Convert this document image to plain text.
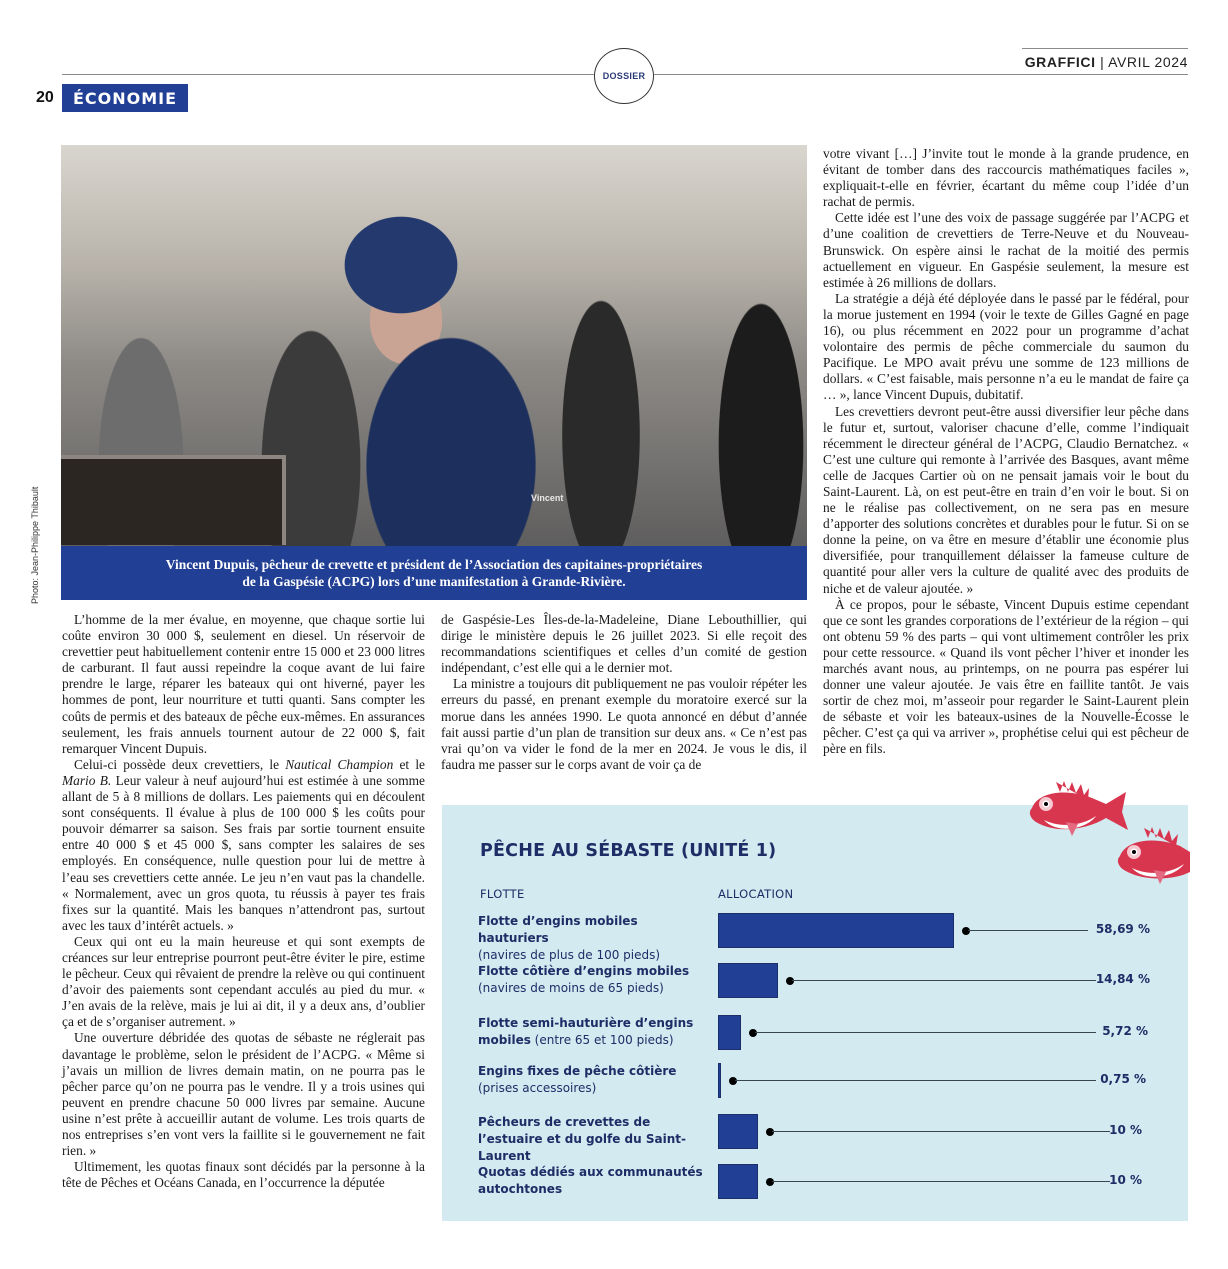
DOSSIER
GRAFFICI | AVRIL 2024
20	ÉCONOMIE
Vincent
Vincent Dupuis, pêcheur de crevette et président de l’Association des capitaines-propriétaires
de la Gaspésie (ACPG) lors d’une manifestation à Grande-Rivière.
Photo: Jean-Philippe Thibault

L’homme de la mer évalue, en moyenne, que chaque sortie lui coûte environ 30 000 $, seulement en diesel. Un réservoir de crevettier peut habituellement contenir entre 15 000 et 23 000 litres de carburant. Il faut aussi repeindre la coque avant de lui faire prendre le large, réparer les bateaux qui ont hiverné, payer les hommes de pont, leur nourriture et tutti quanti. Sans compter les coûts de permis et des bateaux de pêche eux-mêmes. En assurances seulement, les frais annuels tournent autour de 22 000 $, fait remarquer Vincent Dupuis.

Celui-ci possède deux crevettiers, le Nautical Champion et le Mario B. Leur valeur à neuf aujourd’hui est estimée à une somme allant de 5 à 8 millions de dollars. Les paiements qui en découlent sont conséquents. Il évalue à plus de 100 000 $ les coûts pour pouvoir démarrer sa saison. Ses frais par sortie tournent ensuite entre 40 000 $ et 45 000 $, sans compter les salaires de ses employés. En conséquence, nulle question pour lui de mettre à l’eau ses crevettiers cette année. Le jeu n’en vaut pas la chandelle. « Normalement, avec un gros quota, tu réussis à payer tes frais fixes sur la quantité. Mais les banques n’attendront pas, surtout avec les taux d’intérêt actuels. »

Ceux qui ont eu la main heureuse et qui sont exempts de créances sur leur entreprise pourront peut-être éviter le pire, estime le pêcheur. Ceux qui rêvaient de prendre la relève ou qui continuent d’avoir des paiements sont cependant acculés au pied du mur. « J’en avais de la relève, mais je lui ai dit, il y a deux ans, d’oublier ça et de s’organiser autrement. »

Une ouverture débridée des quotas de sébaste ne réglerait pas davantage le problème, selon le président de l’ACPG. « Même si j’avais un million de livres demain matin, on ne pourra pas le pêcher parce qu’on ne pourra pas le vendre. Il y a trois usines qui peuvent en prendre chacune 50 000 livres par semaine. Aucune usine n’est prête à accueillir autant de volume. Les trois quarts de nos entreprises s’en vont vers la faillite si le gouvernement ne fait rien. »

Ultimement, les quotas finaux sont décidés par la personne à la tête de Pêches et Océans Canada, en l’occurrence la députée

de Gaspésie-Les Îles-de-la-Madeleine, Diane Lebouthillier, qui dirige le ministère depuis le 26 juillet 2023. Si elle reçoit des recommandations scientifiques et celles d’un comité de gestion indépendant, c’est elle qui a le dernier mot.

La ministre a toujours dit publiquement ne pas vouloir répéter les erreurs du passé, en prenant exemple du moratoire exercé sur la morue dans les années 1990. Le quota annoncé en début d’année fait aussi partie d’un plan de transition sur deux ans. « Ce n’est pas vrai qu’on va vider le fond de la mer en 2024. Je vous le dis, il faudra me passer sur le corps avant de voir ça de

votre vivant […] J’invite tout le monde à la grande prudence, en évitant de tomber dans des raccourcis mathématiques faciles », expliquait-t-elle en février, écartant du même coup l’idée d’un rachat de permis.

Cette idée est l’une des voix de passage suggérée par l’ACPG et d’une coalition de crevettiers de Terre-Neuve et du Nouveau-Brunswick. On espère ainsi le rachat de la moitié des permis actuellement en vigueur. En Gaspésie seulement, la mesure est estimée à 26 millions de dollars.

La stratégie a déjà été déployée dans le passé par le fédéral, pour la morue justement en 1994 (voir le texte de Gilles Gagné en page 16), ou plus récemment en 2022 pour un programme d’achat volontaire des permis de pêche commerciale du saumon du Pacifique. Le MPO avait prévu une somme de 123 millions de dollars. « C’est faisable, mais personne n’a eu le mandat de faire ça … », lance Vincent Dupuis, dubitatif.

Les crevettiers devront peut-être aussi diversifier leur pêche dans le futur et, surtout, valoriser chacune d’elle, comme l’indiquait récemment le directeur général de l’ACPG, Claudio Bernatchez. « C’est une culture qui remonte à l’arrivée des Basques, avant même celle de Jacques Cartier où on ne pensait jamais voir le bout du Saint-Laurent. Là, on est peut-être en train d’en voir le bout. Si on ne le réalise pas collectivement, on ne sera pas en mesure d’apporter des solutions concrètes et durables pour le futur. Si on se donne la peine, on va être en mesure d’établir une économie plus diversifiée, pour tranquillement délaisser la fameuse culture de quantité pour aller vers la culture de qualité avec des produits de niche et de valeur ajoutée. »

À ce propos, pour le sébaste, Vincent Dupuis estime cependant que ce sont les grandes corporations de l’extérieur de la région – qui ont obtenu 59 % des parts – qui vont ultimement contrôler les prix pour cette ressource. « Quand ils vont pêcher l’hiver et inonder les marchés avant nous, au printemps, on ne pourra pas espérer lui donner une valeur ajoutée. Je vais être en faillite tantôt. Je vais sortir de chez moi, m’asseoir pour regarder le Saint-Laurent plein de sébaste et voir les bateaux-usines de la Nouvelle-Écosse le pêcher. C’est ça qui va arriver », prophétise celui qui est pêcheur de père en fils.

PÊCHE AU SÉBASTE (UNITÉ 1)
FLOTTE	ALLOCATION
Flotte d’engins mobiles hauturiers
(navires de plus de 100 pieds)
58,69 %
Flotte côtière d’engins mobiles
(navires de moins de 65 pieds)
14,84 %
Flotte semi-hauturière d’engins mobiles (entre 65 et 100 pieds)
5,72 %
Engins fixes de pêche côtière
(prises accessoires)
0,75 %
Pêcheurs de crevettes de l’estuaire et du golfe du Saint-Laurent
10 %
Quotas dédiés aux communautés autochtones
10 %
